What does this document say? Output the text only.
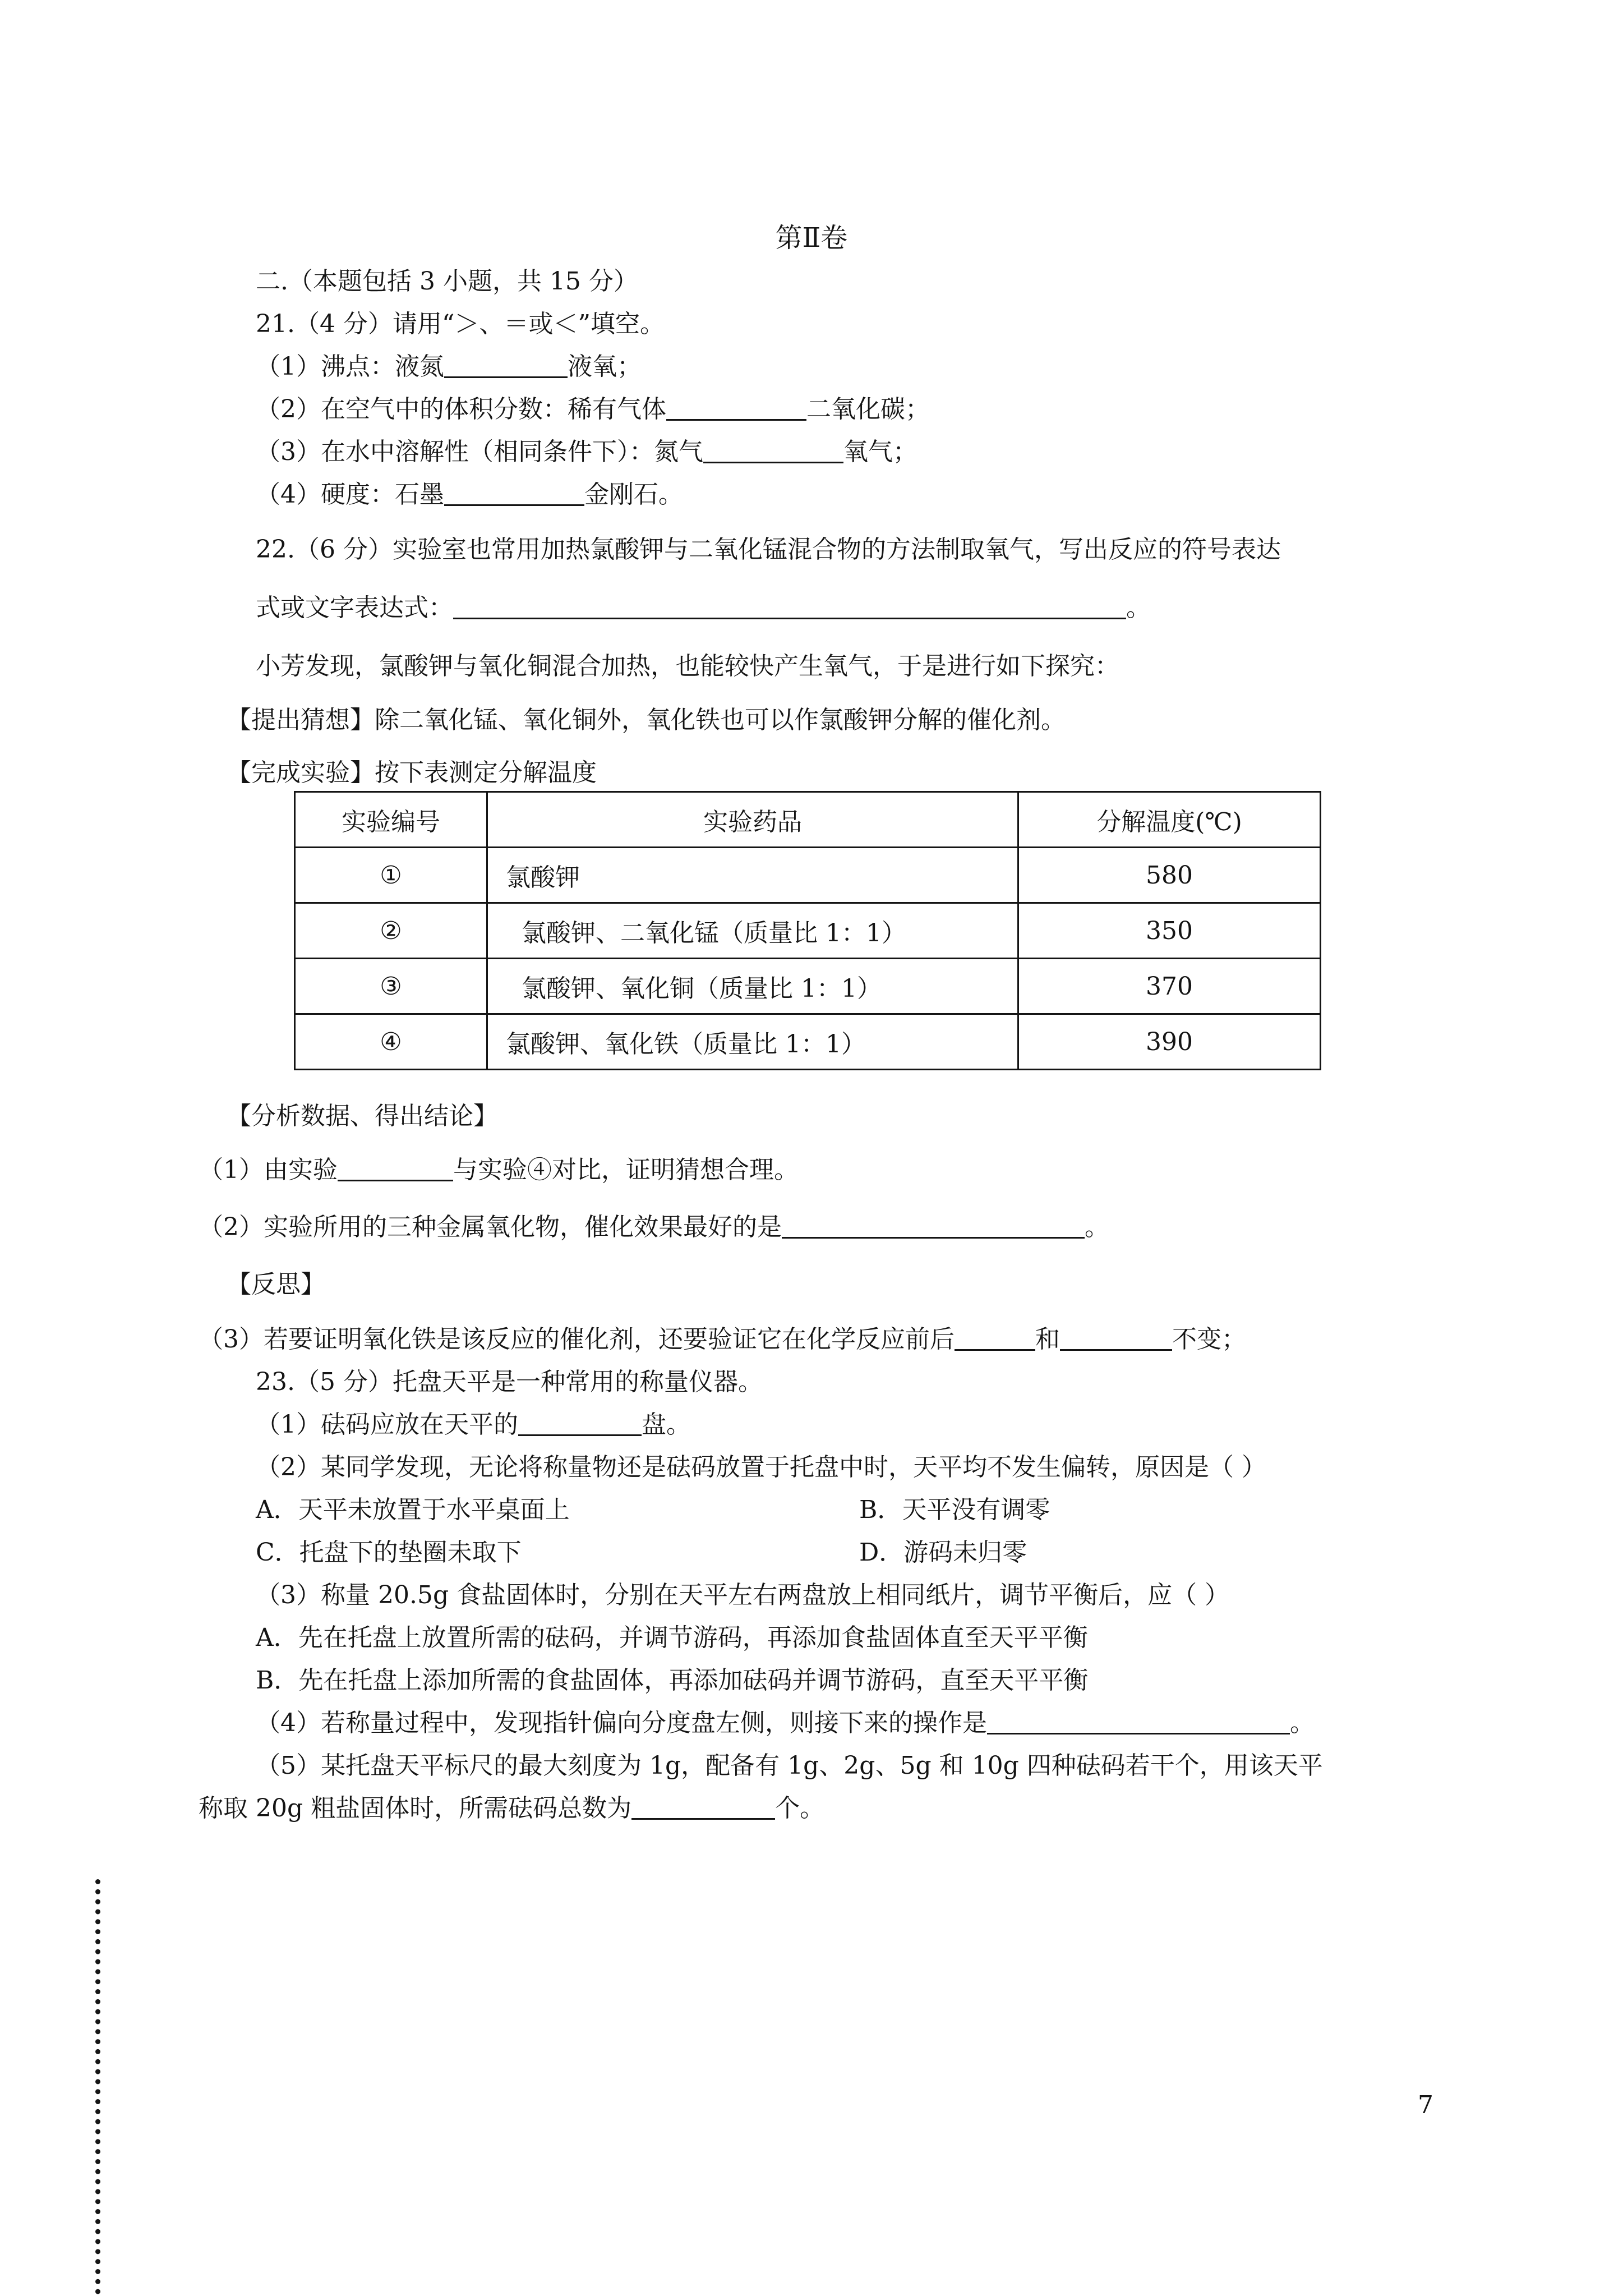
第Ⅱ卷
二.（本题包括 3 小题，共 15 分）
21.（4 分）请用“＞、＝或＜”填空。
（1）沸点：液氮	液氧；
（2）在空气中的体积分数：稀有气体	二氧化碳；
（3）在水中溶解性（相同条件下）：氮气	氧气；
（4）硬度：石墨	金刚石。
22.（6 分）实验室也常用加热氯酸钾与二氧化锰混合物的方法制取氧气，写出反应的符号表达
式或文字表达式：	。
小芳发现，氯酸钾与氧化铜混合加热，也能较快产生氧气，于是进行如下探究：
【提出猜想】除二氧化锰、氧化铜外，氧化铁也可以作氯酸钾分解的催化剂。
【完成实验】按下表测定分解温度
实验编号	实验药品	分解温度(℃)
①	氯酸钾	580
②	氯酸钾、二氧化锰（质量比 1：1）	350
③	氯酸钾、氧化铜（质量比 1：1）	370
④	氯酸钾、氧化铁（质量比 1：1）	390
【分析数据、得出结论】
（1）由实验	与实验④对比，证明猜想合理。
（2）实验所用的三种金属氧化物，催化效果最好的是	。
【反思】
（3）若要证明氧化铁是该反应的催化剂，还要验证它在化学反应前后	和	不变；
23.（5 分）托盘天平是一种常用的称量仪器。
（1）砝码应放在天平的	盘。
（2）某同学发现，无论将称量物还是砝码放置于托盘中时，天平均不发生偏转，原因是（ ）
A．天平未放置于水平桌面上	B．天平没有调零
C．托盘下的垫圈未取下	D．游码未归零
（3）称量 20.5g 食盐固体时，分别在天平左右两盘放上相同纸片，调节平衡后，应（ ）
A．先在托盘上放置所需的砝码，并调节游码，再添加食盐固体直至天平平衡
B．先在托盘上添加所需的食盐固体，再添加砝码并调节游码，直至天平平衡
（4）若称量过程中，发现指针偏向分度盘左侧，则接下来的操作是	。
（5）某托盘天平标尺的最大刻度为 1g，配备有 1g、2g、5g 和 10g 四种砝码若干个，用该天平
称取 20g 粗盐固体时，所需砝码总数为	个。
7
